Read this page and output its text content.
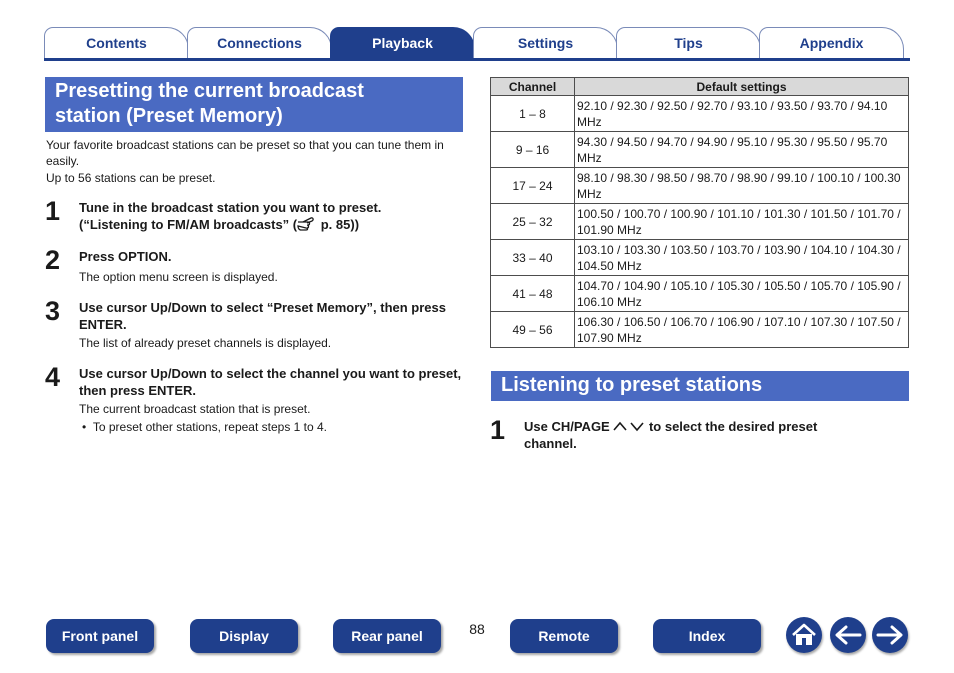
Contents	Connections	Playback	Settings	Tips	Appendix
Presetting the current broadcast
station (Preset Memory)
Your favorite broadcast stations can be preset so that you can tune them in easily.
Up to 56 stations can be preset.
1 Tune in the broadcast station you want to preset.
(“Listening to FM/AM broadcasts” ( p. 85))
2 Press OPTION.
The option menu screen is displayed.
3 Use cursor Up/Down to select “Preset Memory”, then press ENTER.
The list of already preset channels is displayed.
4 Use cursor Up/Down to select the channel you want to preset, then press ENTER.
The current broadcast station that is preset.
• To preset other stations, repeat steps 1 to 4.
Channel	Default settings
1 – 8	92.10 / 92.30 / 92.50 / 92.70 / 93.10 / 93.50 / 93.70 / 94.10 MHz
9 – 16	94.30 / 94.50 / 94.70 / 94.90 / 95.10 / 95.30 / 95.50 / 95.70 MHz
17 – 24	98.10 / 98.30 / 98.50 / 98.70 / 98.90 / 99.10 / 100.10 / 100.30 MHz
25 – 32	100.50 / 100.70 / 100.90 / 101.10 / 101.30 / 101.50 / 101.70 / 101.90 MHz
33 – 40	103.10 / 103.30 / 103.50 / 103.70 / 103.90 / 104.10 / 104.30 / 104.50 MHz
41 – 48	104.70 / 104.90 / 105.10 / 105.30 / 105.50 / 105.70 / 105.90 / 106.10 MHz
49 – 56	106.30 / 106.50 / 106.70 / 106.90 / 107.10 / 107.30 / 107.50 / 107.90 MHz
Listening to preset stations
1 Use CH/PAGE  to select the desired preset
channel.
Front panel	Display	Rear panel	88	Remote	Index
